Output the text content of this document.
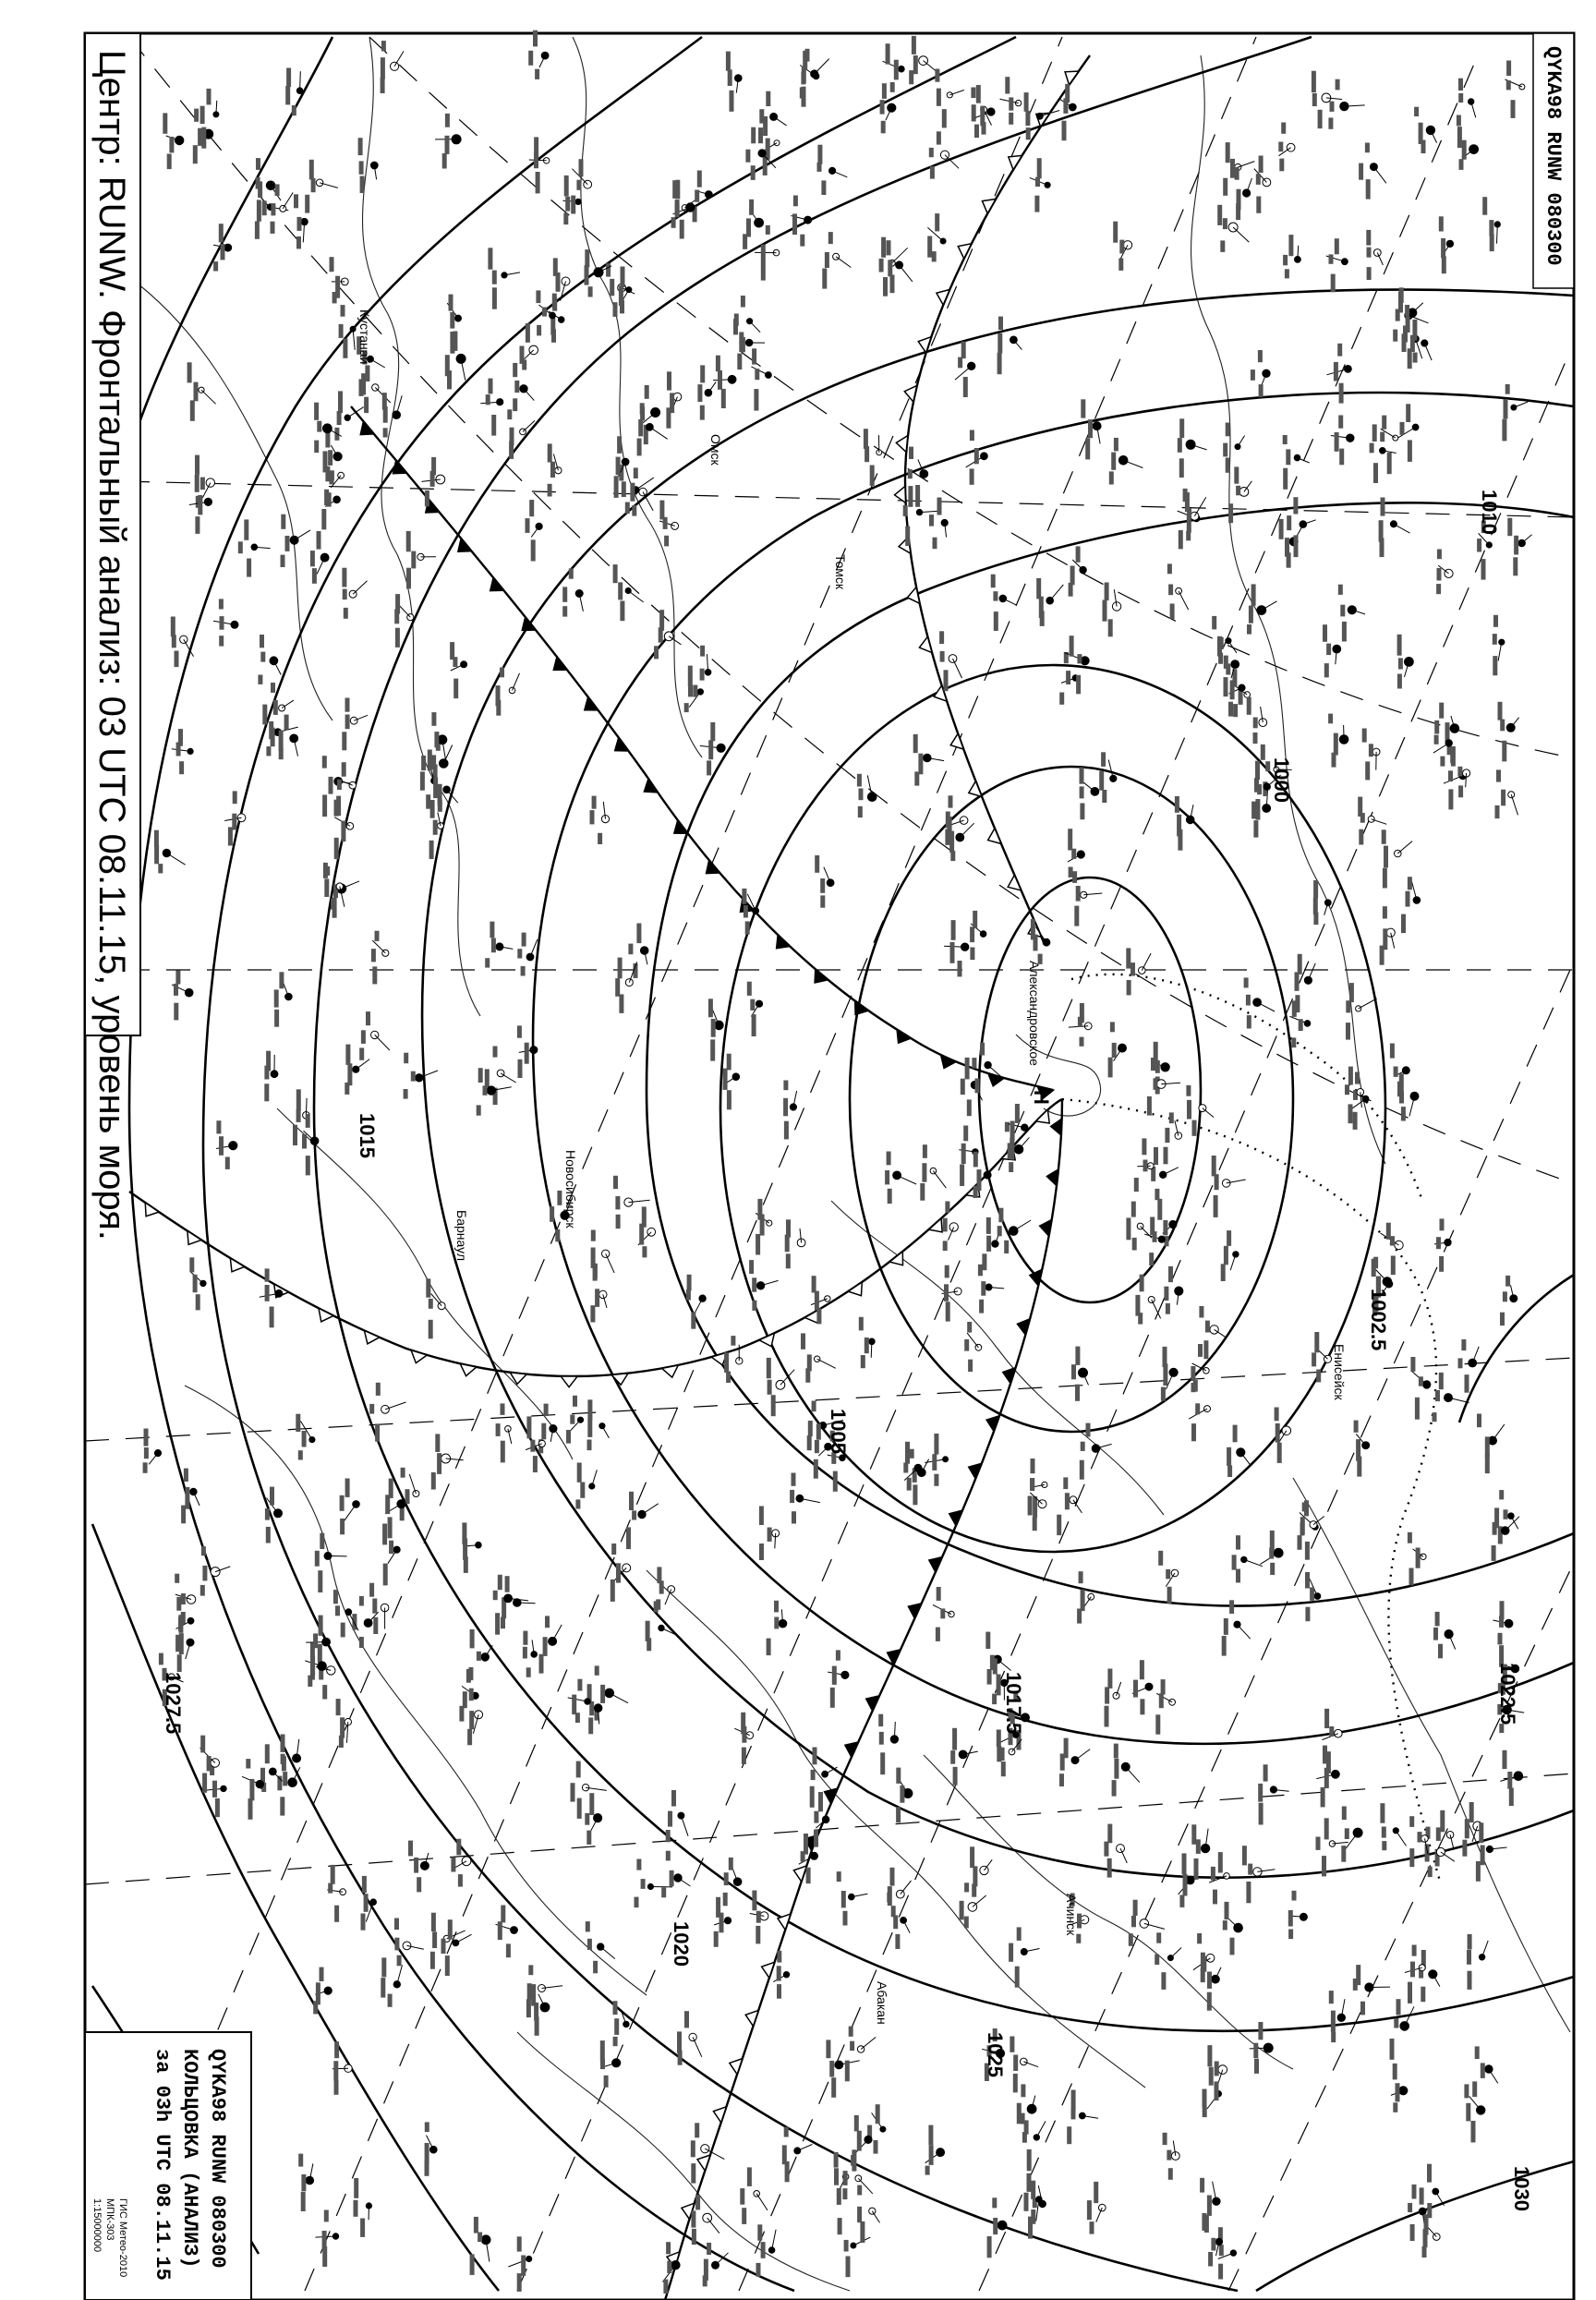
1030
1025
1020
1017.5
1015
1010
1005
1002.5
1000
1022.5
1027.5
Н
Александровское
Новосибирск
Барнаул
Кустанай
Омск
Томск
Енисейск
Ачинск
Абакан
Центр: RUNW. Фронтальный анализ: 03 UTC 08.11.15, уровень моря.	QYKA98 RUNW 080300
QYKA98 RUNW 080300
КОЛЬЦОВКА (АНАЛИЗ)
за 03h UTC 08.11.15
ГИС Метео-2010
МПК-303
1:15000000
